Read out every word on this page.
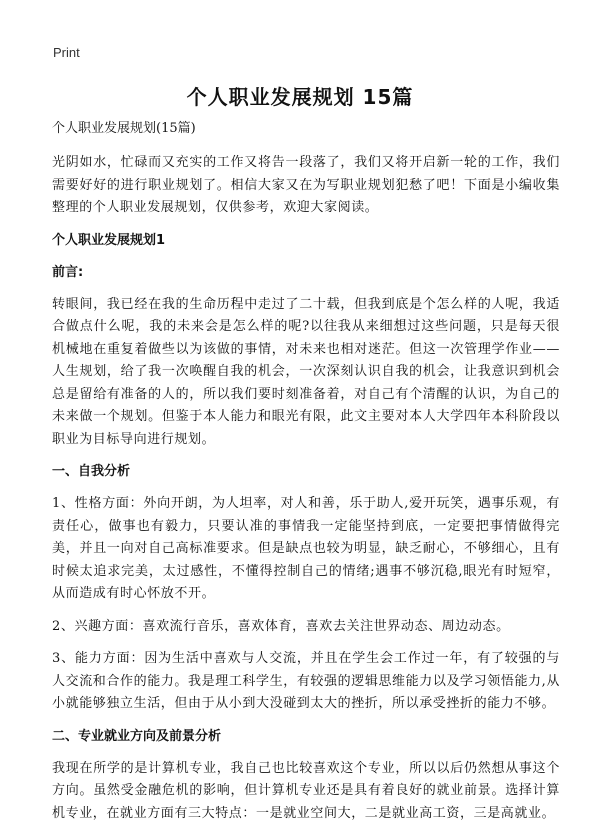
Print
个人职业发展规划 15篇
个人职业发展规划(15篇)

光阴如水，忙碌而又充实的工作又将告一段落了，我们又将开启新一轮的工作，我们需要好好的进行职业规划了。相信大家又在为写职业规划犯愁了吧！下面是小编收集整理的个人职业发展规划，仅供参考，欢迎大家阅读。

个人职业发展规划1
前言:

转眼间，我已经在我的生命历程中走过了二十载，但我到底是个怎么样的人呢，我适合做点什么呢，我的未来会是怎么样的呢?以往我从来细想过这些问题，只是每天很机械地在重复着做些以为该做的事情，对未来也相对迷茫。但这一次管理学作业——人生规划，给了我一次唤醒自我的机会，一次深刻认识自我的机会，让我意识到机会总是留给有准备的人的，所以我们要时刻准备着，对自己有个清醒的认识，为自己的未来做一个规划。但鉴于本人能力和眼光有限，此文主要对本人大学四年本科阶段以职业为目标导向进行规划。

一、自我分析

1、性格方面：外向开朗，为人坦率，对人和善，乐于助人,爱开玩笑，遇事乐观，有责任心，做事也有毅力，只要认准的事情我一定能坚持到底，一定要把事情做得完美，并且一向对自己高标准要求。但是缺点也较为明显，缺乏耐心，不够细心，且有时候太追求完美，太过感性，不懂得控制自己的情绪;遇事不够沉稳,眼光有时短窄，从而造成有时心怀放不开。

2、兴趣方面：喜欢流行音乐，喜欢体育，喜欢去关注世界动态、周边动态。

3、能力方面：因为生活中喜欢与人交流，并且在学生会工作过一年，有了较强的与人交流和合作的能力。我是理工科学生，有较强的逻辑思维能力以及学习领悟能力,从小就能够独立生活，但由于从小到大没碰到太大的挫折，所以承受挫折的能力不够。

二、专业就业方向及前景分析

我现在所学的是计算机专业，我自己也比较喜欢这个专业，所以以后仍然想从事这个方向。虽然受金融危机的影响，但计算机专业还是具有着良好的就业前景。选择计算机专业，在就业方面有三大特点：一是就业空间大，二是就业高工资，三是高就业。
